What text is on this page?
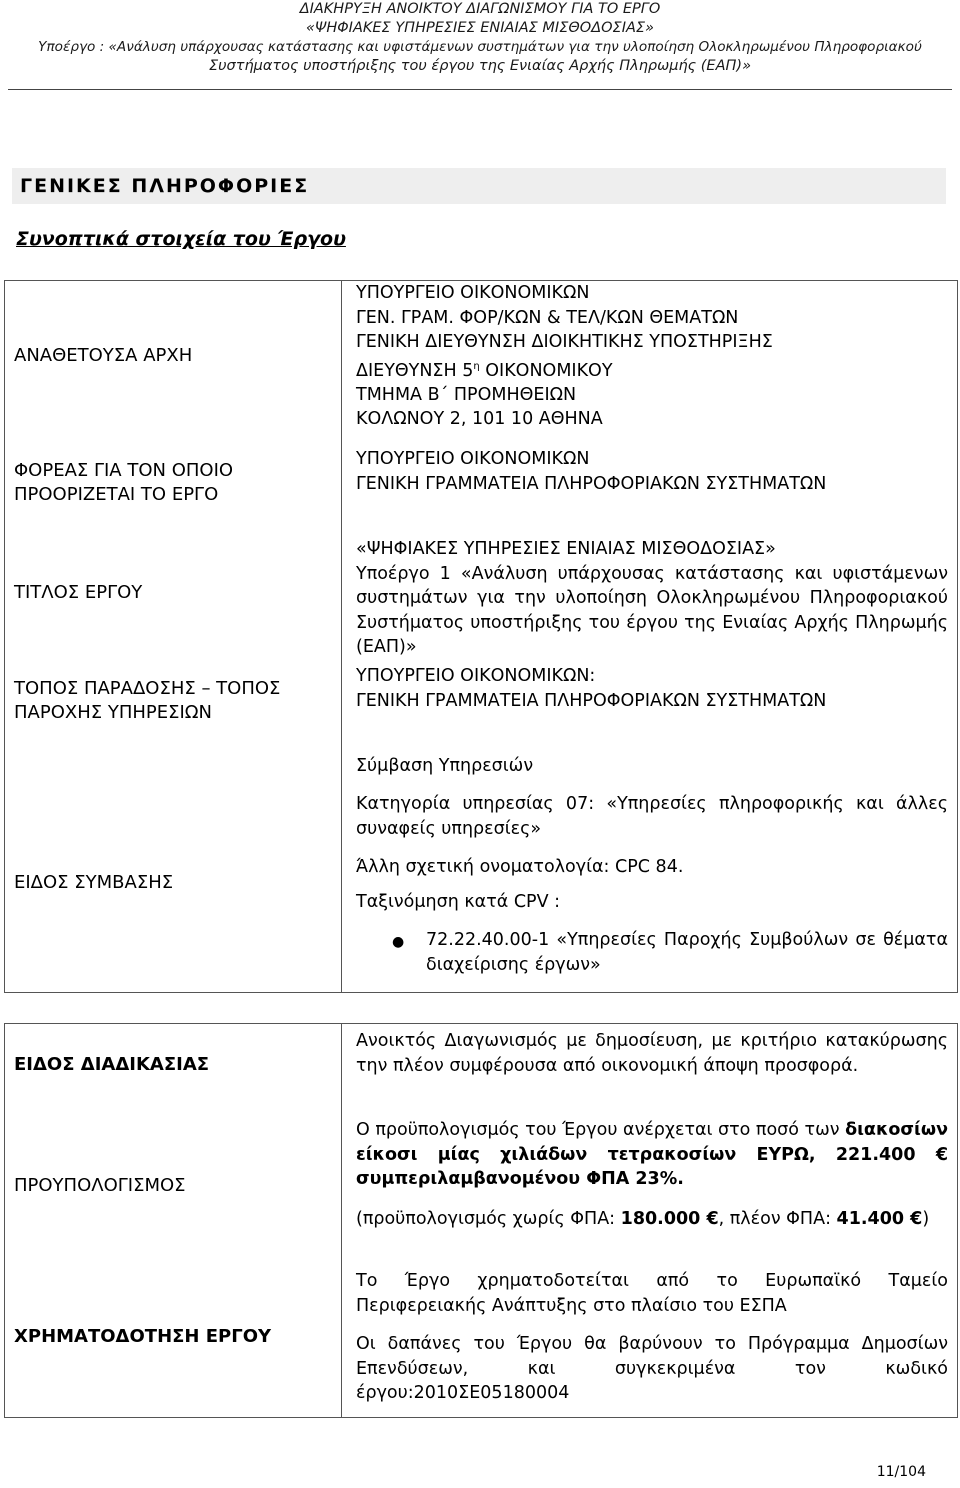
ΔΙΑΚΗΡΥΞΗ ΑΝΟΙΚΤΟΥ ΔΙΑΓΩΝΙΣΜΟΥ ΓΙΑ ΤΟ ΕΡΓΟ
«ΨΗΦΙΑΚΕΣ ΥΠΗΡΕΣΙΕΣ ΕΝΙΑΙΑΣ ΜΙΣΘΟΔΟΣΙΑΣ»
Υποέργο : «Ανάλυση υπάρχουσας κατάστασης και υφιστάμενων συστημάτων για την υλοποίηση Ολοκληρωμένου Πληροφοριακού
Συστήματος υποστήριξης του έργου της Ενιαίας Αρχής Πληρωμής (ΕΑΠ)»
ΓΕΝΙΚΕΣ ΠΛΗΡΟΦΟΡΙΕΣ
Συνοπτικά στοιχεία του Έργου
ΑΝΑΘΕΤΟΥΣΑ ΑΡΧΗ
ΥΠΟΥΡΓΕΙΟ ΟΙΚΟΝΟΜΙΚΩΝ
ΓΕΝ. ΓΡΑΜ. ΦΟΡ/ΚΩΝ & ΤΕΛ/ΚΩΝ ΘΕΜΑΤΩΝ
ΓΕΝΙΚΗ ΔΙΕΥΘΥΝΣΗ ΔΙΟΙΚΗΤΙΚΗΣ ΥΠΟΣΤΗΡΙΞΗΣ
ΔΙΕΥΘΥΝΣΗ $5^\eta$ ΟΙΚΟΝΟΜΙΚΟΥ
ΤΜΗΜΑ Β΄ ΠΡΟΜΗΘΕΙΩΝ
ΚΟΛΩΝΟΥ 2, 101 10 ΑΘΗΝΑ
ΦΟΡΕΑΣ ΓΙΑ ΤΟΝ ΟΠΟΙΟ
ΠΡΟΟΡΙΖΕΤΑΙ ΤΟ ΕΡΓΟ
ΥΠΟΥΡΓΕΙΟ ΟΙΚΟΝΟΜΙΚΩΝ
ΓΕΝΙΚΗ ΓΡΑΜΜΑΤΕΙΑ ΠΛΗΡΟΦΟΡΙΑΚΩΝ ΣΥΣΤΗΜΑΤΩΝ
ΤΙΤΛΟΣ ΕΡΓΟΥ
«ΨΗΦΙΑΚΕΣ ΥΠΗΡΕΣΙΕΣ ΕΝΙΑΙΑΣ ΜΙΣΘΟΔΟΣΙΑΣ»
Υποέργο 1 «Ανάλυση υπάρχουσας κατάστασης και υφιστάμενων συστημάτων για την υλοποίηση Ολοκληρωμένου Πληροφοριακού Συστήματος υποστήριξης του έργου της Ενιαίας Αρχής Πληρωμής (ΕΑΠ)»
ΤΟΠΟΣ ΠΑΡΑΔΟΣΗΣ – ΤΟΠΟΣ
ΠΑΡΟΧΗΣ ΥΠΗΡΕΣΙΩΝ
ΥΠΟΥΡΓΕΙΟ ΟΙΚΟΝΟΜΙΚΩΝ:
ΓΕΝΙΚΗ ΓΡΑΜΜΑΤΕΙΑ ΠΛΗΡΟΦΟΡΙΑΚΩΝ ΣΥΣΤΗΜΑΤΩΝ
ΕΙΔΟΣ ΣΥΜΒΑΣΗΣ
Σύμβαση Υπηρεσιών
Κατηγορία υπηρεσίας 07: «Υπηρεσίες πληροφορικής και άλλες συναφείς υπηρεσίες»
Άλλη σχετική ονοματολογία: CPC 84.
Ταξινόμηση κατά CPV :
● 72.22.40.00-1 «Υπηρεσίες Παροχής Συμβούλων σε θέματα διαχείρισης έργων»
ΕΙΔΟΣ ΔΙΑΔΙΚΑΣΙΑΣ
Ανοικτός Διαγωνισμός με δημοσίευση, με κριτήριο κατακύρωσης την πλέον συμφέρουσα από οικονομική άποψη προσφορά.
ΠΡΟΥΠΟΛΟΓΙΣΜΟΣ
Ο προϋπολογισμός του Έργου ανέρχεται στο ποσό των διακοσίων είκοσι μίας χιλιάδων τετρακοσίων ΕΥΡΩ, 221.400 € συμπεριλαμβανομένου ΦΠΑ 23%.
(προϋπολογισμός χωρίς ΦΠΑ: 180.000 €, πλέον ΦΠΑ: 41.400 €)
ΧΡΗΜΑΤΟΔΟΤΗΣΗ ΕΡΓΟΥ
Το Έργο χρηματοδοτείται από το Ευρωπαϊκό Ταμείο Περιφερειακής Ανάπτυξης στο πλαίσιο του ΕΣΠΑ
Οι δαπάνες του Έργου θα βαρύνουν το Πρόγραμμα Δημοσίων Επενδύσεων, και συγκεκριμένα τον κωδικό έργου:2010ΣΕ05180004
11/104
